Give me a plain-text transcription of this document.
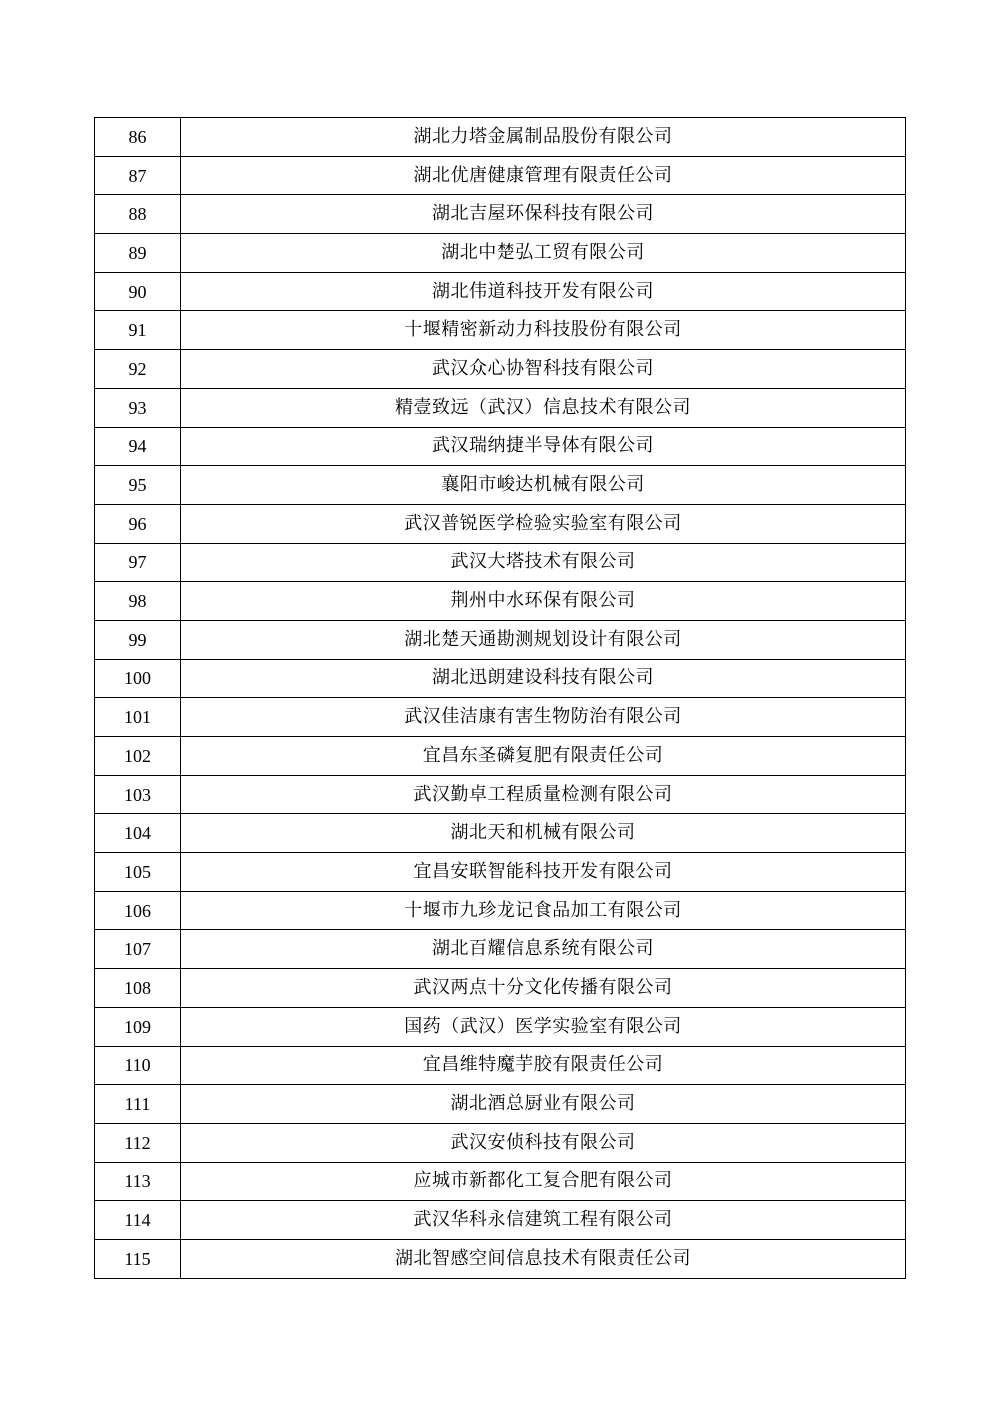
86	湖北力塔金属制品股份有限公司
87	湖北优唐健康管理有限责任公司
88	湖北吉屋环保科技有限公司
89	湖北中楚弘工贸有限公司
90	湖北伟道科技开发有限公司
91	十堰精密新动力科技股份有限公司
92	武汉众心协智科技有限公司
93	精壹致远（武汉）信息技术有限公司
94	武汉瑞纳捷半导体有限公司
95	襄阳市峻达机械有限公司
96	武汉普锐医学检验实验室有限公司
97	武汉大塔技术有限公司
98	荆州中水环保有限公司
99	湖北楚天通勘测规划设计有限公司
100	湖北迅朗建设科技有限公司
101	武汉佳洁康有害生物防治有限公司
102	宜昌东圣磷复肥有限责任公司
103	武汉勤卓工程质量检测有限公司
104	湖北天和机械有限公司
105	宜昌安联智能科技开发有限公司
106	十堰市九珍龙记食品加工有限公司
107	湖北百耀信息系统有限公司
108	武汉两点十分文化传播有限公司
109	国药（武汉）医学实验室有限公司
110	宜昌维特魔芋胶有限责任公司
111	湖北酒总厨业有限公司
112	武汉安侦科技有限公司
113	应城市新都化工复合肥有限公司
114	武汉华科永信建筑工程有限公司
115	湖北智感空间信息技术有限责任公司
